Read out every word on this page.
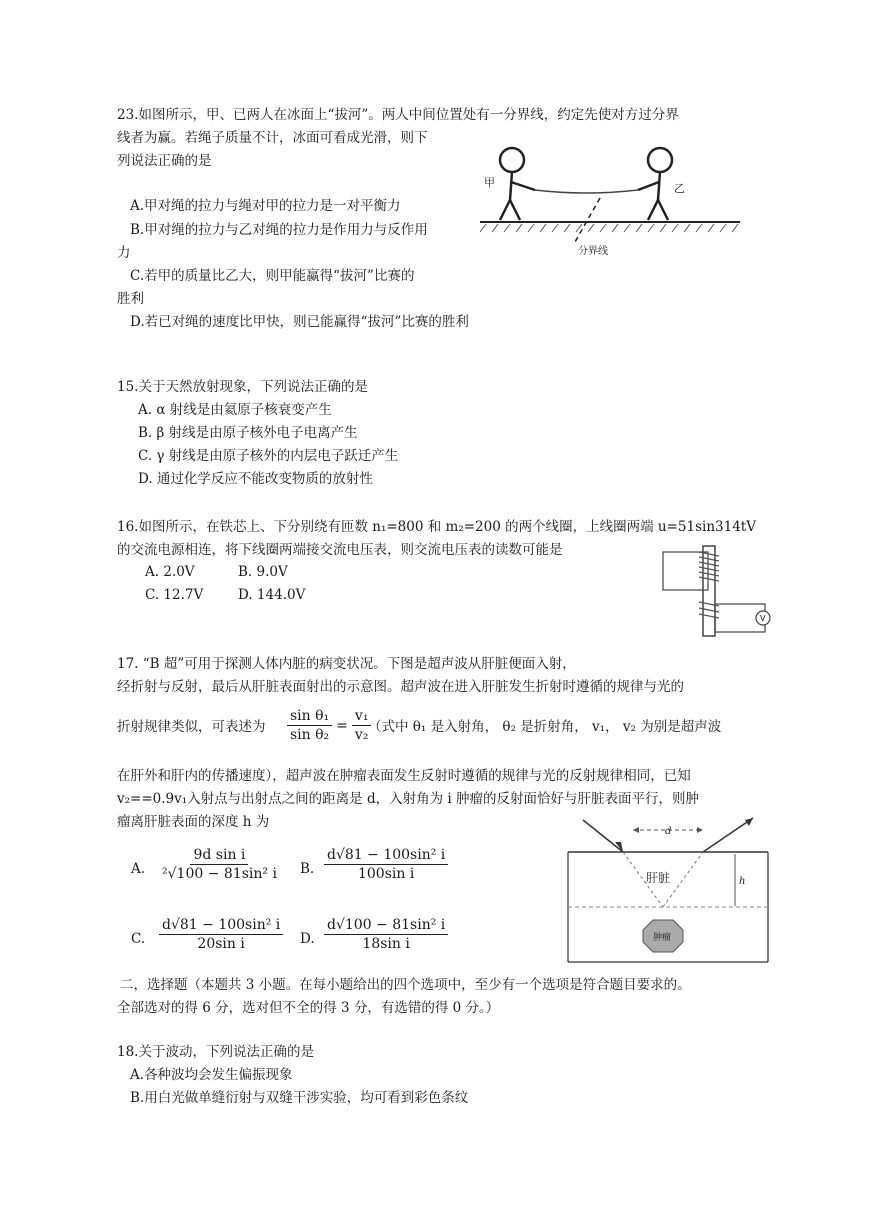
23.如图所示，甲、已两人在冰面上“拔河”。两人中间位置处有一分界线，约定先使对方过分界
线者为赢。若绳子质量不计，冰面可看成光滑，则下
列说法正确的是
A.甲对绳的拉力与绳对甲的拉力是一对平衡力
B.甲对绳的拉力与乙对绳的拉力是作用力与反作用
力
C.若甲的质量比乙大，则甲能赢得“拔河”比赛的
胜利
D.若已对绳的速度比甲快，则已能赢得“拔河”比赛的胜利
甲	乙
分界线
15.关于天然放射现象，下列说法正确的是
A. α 射线是由氦原子核衰变产生
B. β 射线是由原子核外电子电离产生
C. γ 射线是由原子核外的内层电子跃迁产生
D. 通过化学反应不能改变物质的放射性
16.如图所示，在铁芯上、下分别绕有匝数 n₁=800 和 m₂=200 的两个线圈，上线圈两端 u=51sin314tV
的交流电源相连，将下线圈两端接交流电压表，则交流电压表的读数可能是
A. 2.0V	B. 9.0V
C. 12.7V	D. 144.0V
V
17. “B 超”可用于探测人体内脏的病变状况。下图是超声波从肝脏便面入射，
经折射与反射，最后从肝脏表面射出的示意图。超声波在进入肝脏发生折射时遵循的规律与光的
折射规律类似，可表述为 $\frac{\text{sin θ₁}}{\text{sin θ₂}} = \frac{\text{v₁}}{\text{v₂}}$
（式中 θ₁ 是入射角， θ₂ 是折射角， v₁， v₂ 为别是超声波
在肝外和肝内的传播速度），超声波在肿瘤表面发生反射时遵循的规律与光的反射规律相同，已知
v₂==0.9v₁入射点与出射点之间的距离是 d，入射角为 i 肿瘤的反射面恰好与肝脏表面平行，则肿
瘤离肝脏表面的深度 h 为
A. $\frac{\text{9d sin i}}{\text{²√100 − 81sin² i}} B$. $\frac{\text{d√81 − 100sin² i}}{\text{100sin i}}$
C. $\frac{\text{d√81 − 100sin² i}}{\text{20sin i}} D$. $\frac{\text{d√100 − 81sin² i}}{\text{18sin i}}$
d
h
肝脏
肿瘤
二，选择题（本题共 3 小题。在每小题给出的四个选项中，至少有一个选项是符合题目要求的。
全部选对的得 6 分，选对但不全的得 3 分，有选错的得 0 分。）
18.关于波动，下列说法正确的是
A.各种波均会发生偏振现象
B.用白光做单缝衍射与双缝干涉实验，均可看到彩色条纹
